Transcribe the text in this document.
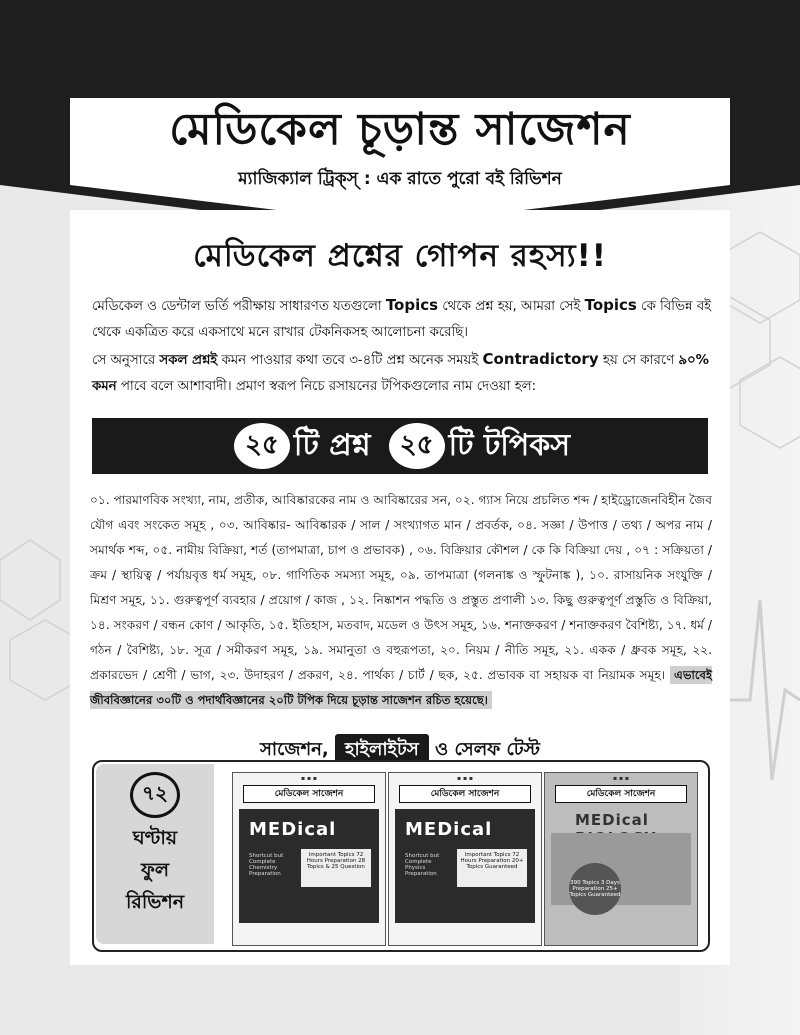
মেডিকেল চূড়ান্ত সাজেশন
ম্যাজিক্যাল ট্রিক্স্ : এক রাতে পুরো বই রিভিশন
মেডিকেল প্রশ্নের গোপন রহস্য!!
মেডিকেল ও ডেন্টাল ভর্তি পরীক্ষায় সাধারণত যতগুলো Topics থেকে প্রশ্ন হয়, আমরা সেই Topics কে বিভিন্ন বই থেকে একত্রিত করে একসাথে মনে রাখার টেকনিকসহ আলোচনা করেছি।
সে অনুসারে সকল প্রশ্নই কমন পাওয়ার কথা তবে ৩-৪টি প্রশ্ন অনেক সময়ই Contradictory হয় সে কারণে ৯০% কমন পাবে বলে আশাবাদী। প্রমাণ স্বরূপ নিচে রসায়নের টপিকগুলোর নাম দেওয়া হল:
২৫ টি প্রশ্ন	২৫ টি টপিকস
০১. পারমাণবিক সংখ্যা, নাম, প্রতীক, আবিষ্কারকের নাম ও আবিষ্কারের সন, ০২. গ্যাস নিয়ে প্রচলিত শব্দ / হাইড্রোজেনবিহীন জৈব যৌগ এবং সংকেত সমূহ , ০৩. আবিষ্কার- আবিষ্কারক / সাল / সংখ্যাগত মান / প্রবর্তক, ০৪. সজ্ঞা / উপাত্ত / তথ্য / অপর নাম / সমার্থক শব্দ, ০৫. নামীয় বিক্রিয়া, শর্ত (তাপমাত্রা, চাপ ও প্রভাবক) , ০৬. বিক্রিয়ার কৌশল / কে কি বিক্রিয়া দেয় , ০৭ : সক্রিয়তা / ক্রম / স্থায়িত্ব / পর্যায়বৃত্ত ধর্ম সমূহ, ০৮. গাণিতিক সমস্যা সমূহ, ০৯. তাপমাত্রা (গলনাঙ্ক ও স্ফুটনাঙ্ক ), ১০. রাসায়নিক সংযুক্তি / মিশ্রণ সমূহ, ১১. গুরুত্বপূর্ণ ব্যবহার / প্রয়োগ / কাজ , ১২. নিষ্কাশন পদ্ধতি ও প্রস্তুত প্রণালী ১৩. কিছু গুরুত্বপূর্ণ প্রস্তুতি ও বিক্রিয়া, ১৪. সংকরণ / বন্ধন কোণ / আকৃতি, ১৫. ইতিহাস, মতবাদ, মডেল ও উৎস সমূহ, ১৬. শনাক্তকরণ / শনাক্তকরণ বৈশিষ্ট্য, ১৭. ধর্ম / গঠন / বৈশিষ্ট্য, ১৮. সূত্র / সমীকরণ সমূহ, ১৯. সমানুতা ও বহুরূপতা, ২০. নিয়ম / নীতি সমূহ, ২১. একক / ধ্রুবক সমূহ, ২২. প্রকারভেদ / শ্রেণী / ভাগ, ২৩. উদাহরণ / প্রকরণ, ২৪. পার্থক্য / চার্ট / ছক, ২৫. প্রভাবক বা সহায়ক বা নিয়ামক সমূহ। এভাবেই জীববিজ্ঞানের ৩০টি ও পদার্থবিজ্ঞানের ২০টি টপিক দিয়ে চূড়ান্ত সাজেশন রচিত হয়েছে।
সাজেশন, হাইলাইটস ও সেলফ টেস্ট
৭২
ঘণ্টায়
ফুল
রিভিশন
▪ ▪ ▪
মেডিকেল সাজেশন
MEDical
Shortcut but Complete Chemistry Preparation
Important Topics 72 Hours Preparation 28 Topics & 25 Question
▪ ▪ ▪
মেডিকেল সাজেশন
MEDical
Shortcut but Complete Physics Preparation
Important Topics 72 Hours Preparation 20+ Topics Guaranteed
▪ ▪ ▪
মেডিকেল সাজেশন
MEDical
390 Topics 3 Days Preparation 25+ Topics Guaranteed
